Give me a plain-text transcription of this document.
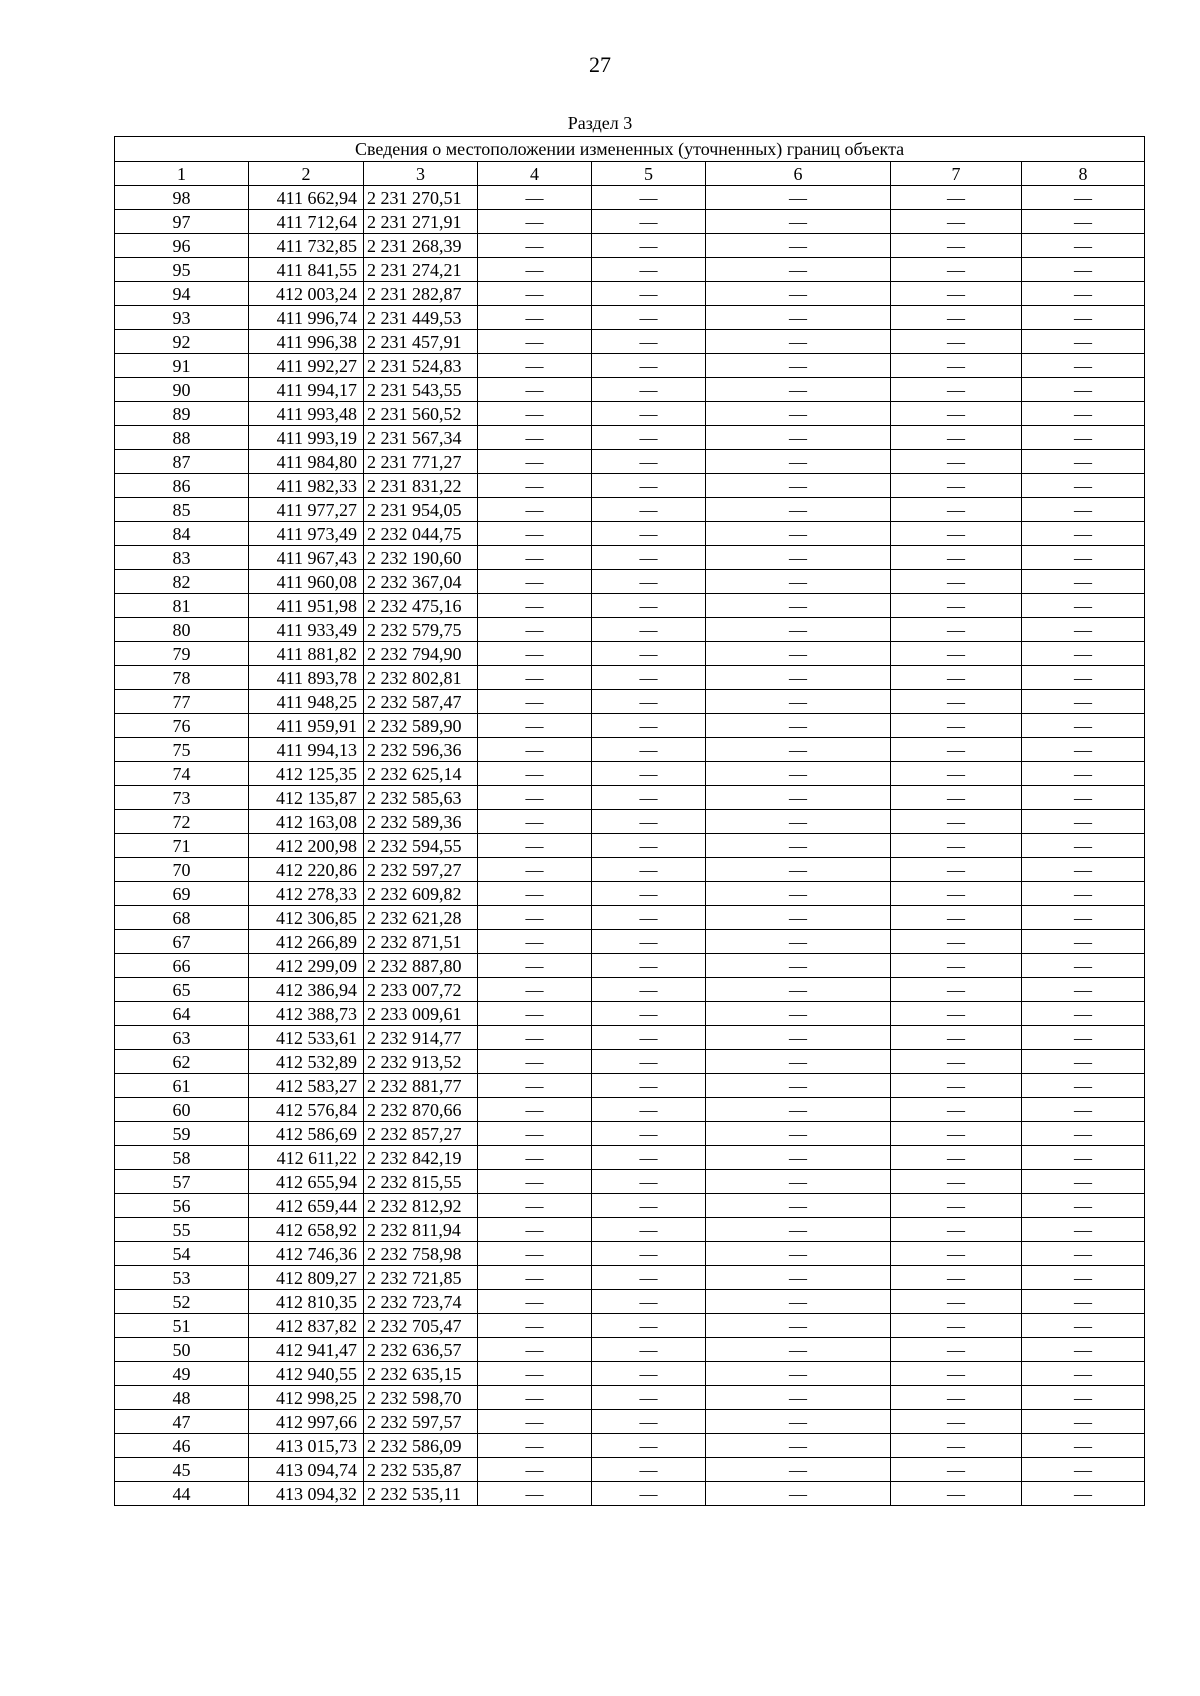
27
Раздел 3
Сведения о местоположении измененных (уточненных) границ объекта							
1	2	3	4	5	6	7	8
98	411 662,94	2 231 270,51	—	—	—	—	—
97	411 712,64	2 231 271,91	—	—	—	—	—
96	411 732,85	2 231 268,39	—	—	—	—	—
95	411 841,55	2 231 274,21	—	—	—	—	—
94	412 003,24	2 231 282,87	—	—	—	—	—
93	411 996,74	2 231 449,53	—	—	—	—	—
92	411 996,38	2 231 457,91	—	—	—	—	—
91	411 992,27	2 231 524,83	—	—	—	—	—
90	411 994,17	2 231 543,55	—	—	—	—	—
89	411 993,48	2 231 560,52	—	—	—	—	—
88	411 993,19	2 231 567,34	—	—	—	—	—
87	411 984,80	2 231 771,27	—	—	—	—	—
86	411 982,33	2 231 831,22	—	—	—	—	—
85	411 977,27	2 231 954,05	—	—	—	—	—
84	411 973,49	2 232 044,75	—	—	—	—	—
83	411 967,43	2 232 190,60	—	—	—	—	—
82	411 960,08	2 232 367,04	—	—	—	—	—
81	411 951,98	2 232 475,16	—	—	—	—	—
80	411 933,49	2 232 579,75	—	—	—	—	—
79	411 881,82	2 232 794,90	—	—	—	—	—
78	411 893,78	2 232 802,81	—	—	—	—	—
77	411 948,25	2 232 587,47	—	—	—	—	—
76	411 959,91	2 232 589,90	—	—	—	—	—
75	411 994,13	2 232 596,36	—	—	—	—	—
74	412 125,35	2 232 625,14	—	—	—	—	—
73	412 135,87	2 232 585,63	—	—	—	—	—
72	412 163,08	2 232 589,36	—	—	—	—	—
71	412 200,98	2 232 594,55	—	—	—	—	—
70	412 220,86	2 232 597,27	—	—	—	—	—
69	412 278,33	2 232 609,82	—	—	—	—	—
68	412 306,85	2 232 621,28	—	—	—	—	—
67	412 266,89	2 232 871,51	—	—	—	—	—
66	412 299,09	2 232 887,80	—	—	—	—	—
65	412 386,94	2 233 007,72	—	—	—	—	—
64	412 388,73	2 233 009,61	—	—	—	—	—
63	412 533,61	2 232 914,77	—	—	—	—	—
62	412 532,89	2 232 913,52	—	—	—	—	—
61	412 583,27	2 232 881,77	—	—	—	—	—
60	412 576,84	2 232 870,66	—	—	—	—	—
59	412 586,69	2 232 857,27	—	—	—	—	—
58	412 611,22	2 232 842,19	—	—	—	—	—
57	412 655,94	2 232 815,55	—	—	—	—	—
56	412 659,44	2 232 812,92	—	—	—	—	—
55	412 658,92	2 232 811,94	—	—	—	—	—
54	412 746,36	2 232 758,98	—	—	—	—	—
53	412 809,27	2 232 721,85	—	—	—	—	—
52	412 810,35	2 232 723,74	—	—	—	—	—
51	412 837,82	2 232 705,47	—	—	—	—	—
50	412 941,47	2 232 636,57	—	—	—	—	—
49	412 940,55	2 232 635,15	—	—	—	—	—
48	412 998,25	2 232 598,70	—	—	—	—	—
47	412 997,66	2 232 597,57	—	—	—	—	—
46	413 015,73	2 232 586,09	—	—	—	—	—
45	413 094,74	2 232 535,87	—	—	—	—	—
44	413 094,32	2 232 535,11	—	—	—	—	—
